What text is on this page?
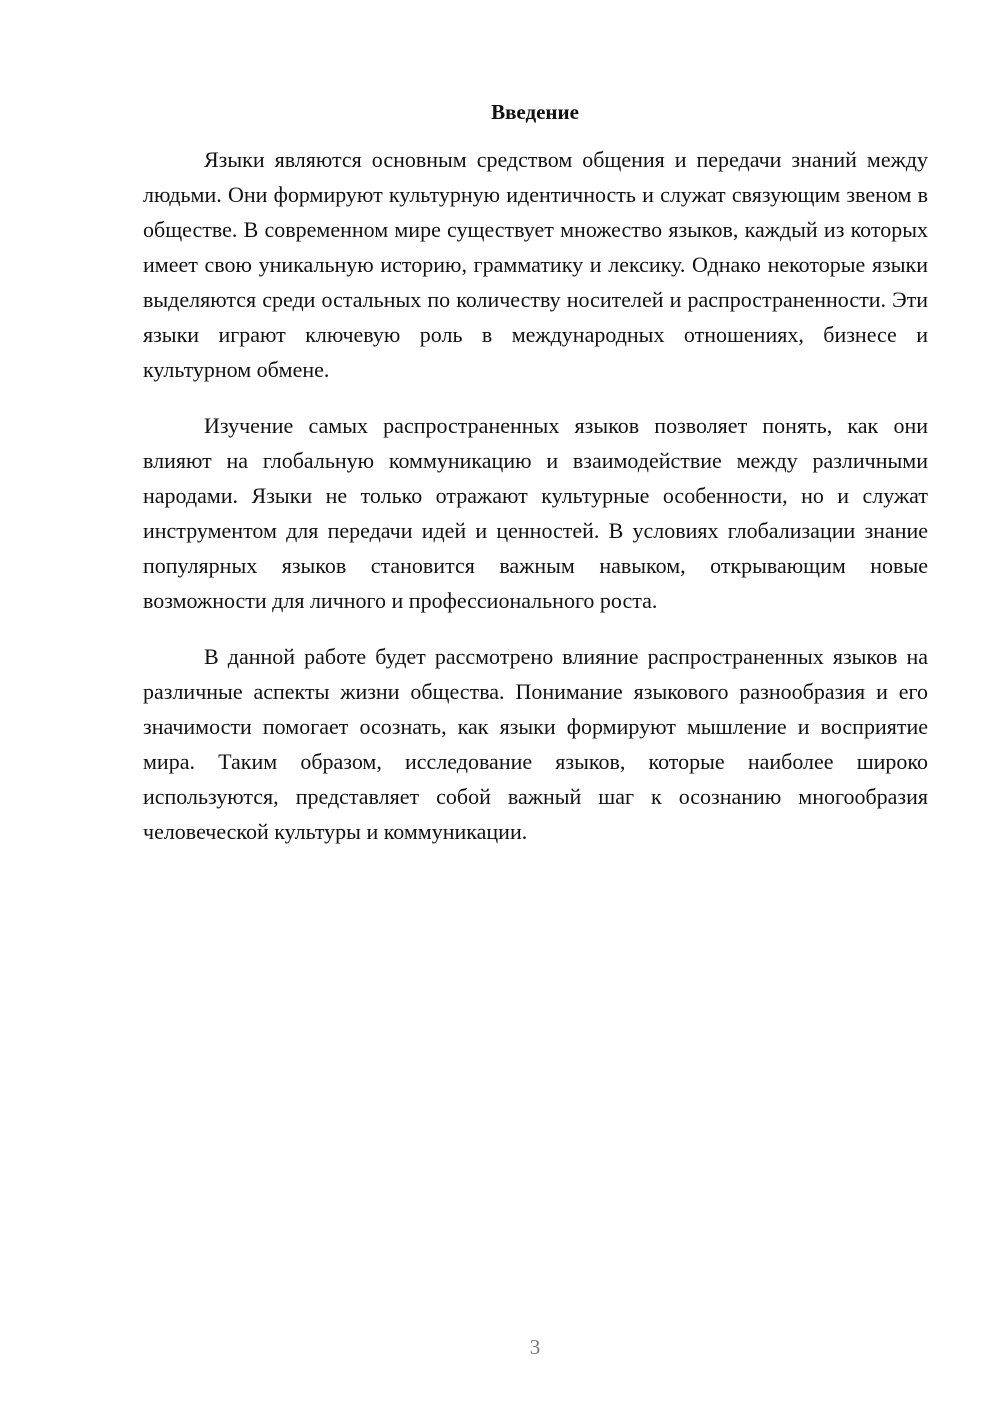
Введение

Языки являются основным средством общения и передачи знаний между людьми. Они формируют культурную идентичность и служат связующим звеном в обществе. В современном мире существует множество языков, каждый из которых имеет свою уникальную историю, грамматику и лексику. Однако некоторые языки выделяются среди остальных по количеству носителей и распространенности. Эти языки играют ключевую роль в международных отношениях, бизнесе и культурном обмене.

Изучение самых распространенных языков позволяет понять, как они влияют на глобальную коммуникацию и взаимодействие между различными народами. Языки не только отражают культурные особенности, но и служат инструментом для передачи идей и ценностей. В условиях глобализации знание популярных языков становится важным навыком, открывающим новые возможности для личного и профессионального роста.

В данной работе будет рассмотрено влияние распространенных языков на различные аспекты жизни общества. Понимание языкового разнообразия и его значимости помогает осознать, как языки формируют мышление и восприятие мира. Таким образом, исследование языков, которые наиболее широко используются, представляет собой важный шаг к осознанию многообразия человеческой культуры и коммуникации.

3
